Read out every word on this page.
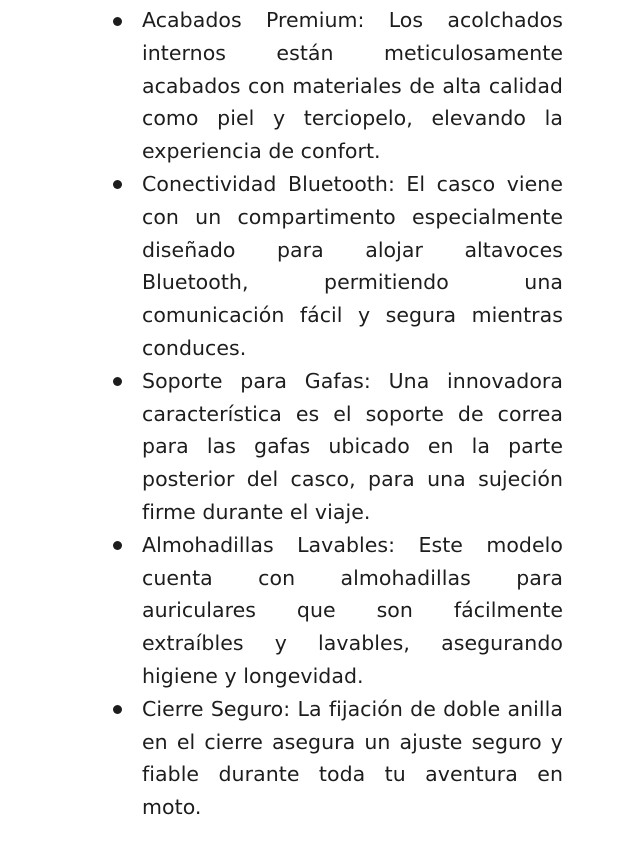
Acabados Premium: Los acolchados internos están meticulosamente acabados con materiales de alta calidad como piel y terciopelo, elevando la experiencia de confort.
Conectividad Bluetooth: El casco viene con un compartimento especialmente diseñado para alojar altavoces Bluetooth, permitiendo una comunicación fácil y segura mientras conduces.
Soporte para Gafas: Una innovadora característica es el soporte de correa para las gafas ubicado en la parte posterior del casco, para una sujeción firme durante el viaje.
Almohadillas Lavables: Este modelo cuenta con almohadillas para auriculares que son fácilmente extraíbles y lavables, asegurando higiene y longevidad.
Cierre Seguro: La fijación de doble anilla en el cierre asegura un ajuste seguro y fiable durante toda tu aventura en moto.
